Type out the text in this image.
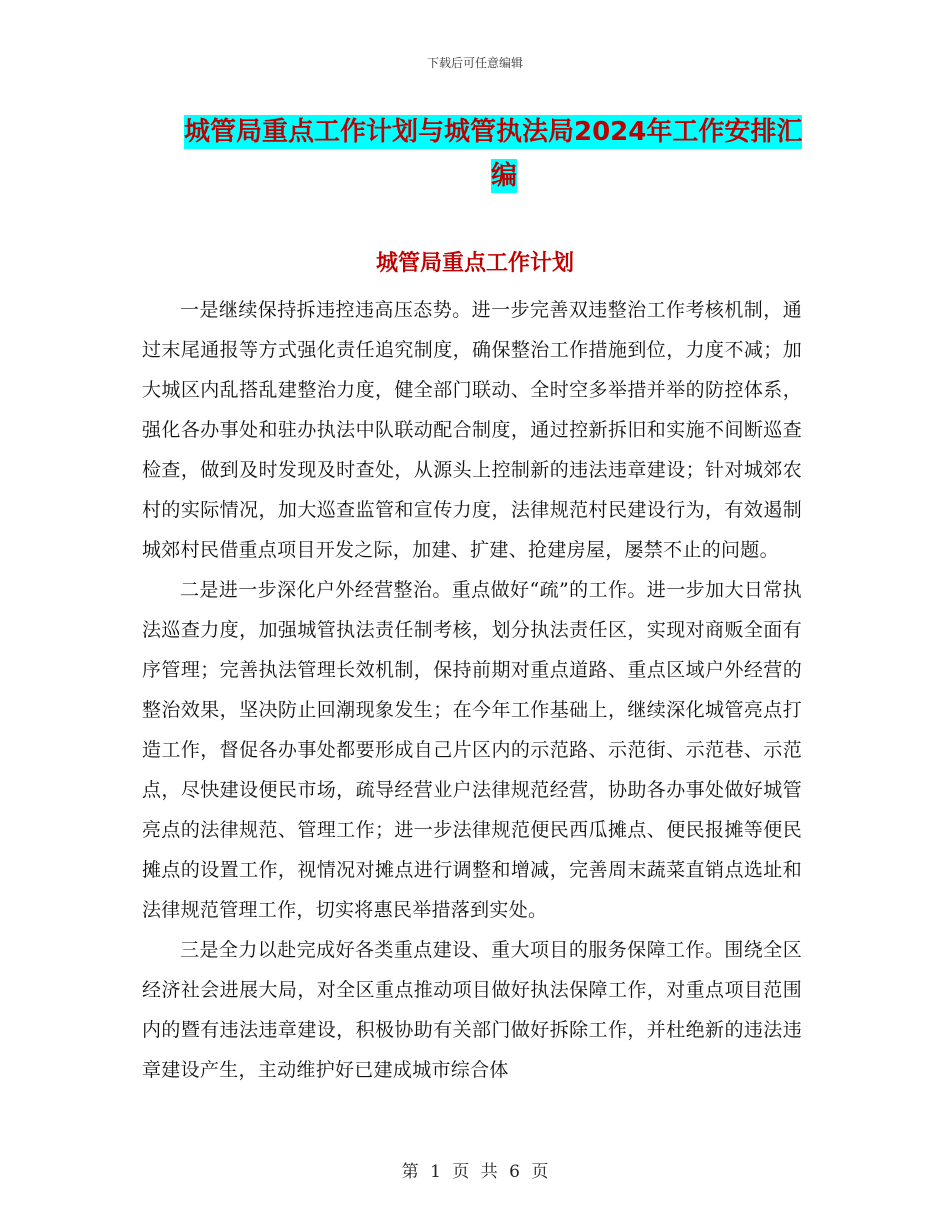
下载后可任意编辑
城管局重点工作计划与城管执法局2024年工作安排汇
编
城管局重点工作计划

一是继续保持拆违控违高压态势。进一步完善双违整治工作考核机制，通过末尾通报等方式强化责任追究制度，确保整治工作措施到位，力度不减；加大城区内乱搭乱建整治力度，健全部门联动、全时空多举措并举的防控体系，强化各办事处和驻办执法中队联动配合制度，通过控新拆旧和实施不间断巡查检查，做到及时发现及时查处，从源头上控制新的违法违章建设；针对城郊农村的实际情况，加大巡查监管和宣传力度，法律规范村民建设行为，有效遏制城郊村民借重点项目开发之际，加建、扩建、抢建房屋，屡禁不止的问题。

二是进一步深化户外经营整治。重点做好“疏”的工作。进一步加大日常执法巡查力度，加强城管执法责任制考核，划分执法责任区，实现对商贩全面有序管理；完善执法管理长效机制，保持前期对重点道路、重点区域户外经营的整治效果，坚决防止回潮现象发生；在今年工作基础上，继续深化城管亮点打造工作，督促各办事处都要形成自己片区内的示范路、示范街、示范巷、示范点，尽快建设便民市场，疏导经营业户法律规范经营，协助各办事处做好城管亮点的法律规范、管理工作；进一步法律规范便民西瓜摊点、便民报摊等便民摊点的设置工作，视情况对摊点进行调整和增减，完善周末蔬菜直销点选址和法律规范管理工作，切实将惠民举措落到实处。

三是全力以赴完成好各类重点建设、重大项目的服务保障工作。围绕全区经济社会进展大局，对全区重点推动项目做好执法保障工作，对重点项目范围内的暨有违法违章建设，积极协助有关部门做好拆除工作，并杜绝新的违法违章建设产生，主动维护好已建成城市综合体

第 1 页 共 6 页
